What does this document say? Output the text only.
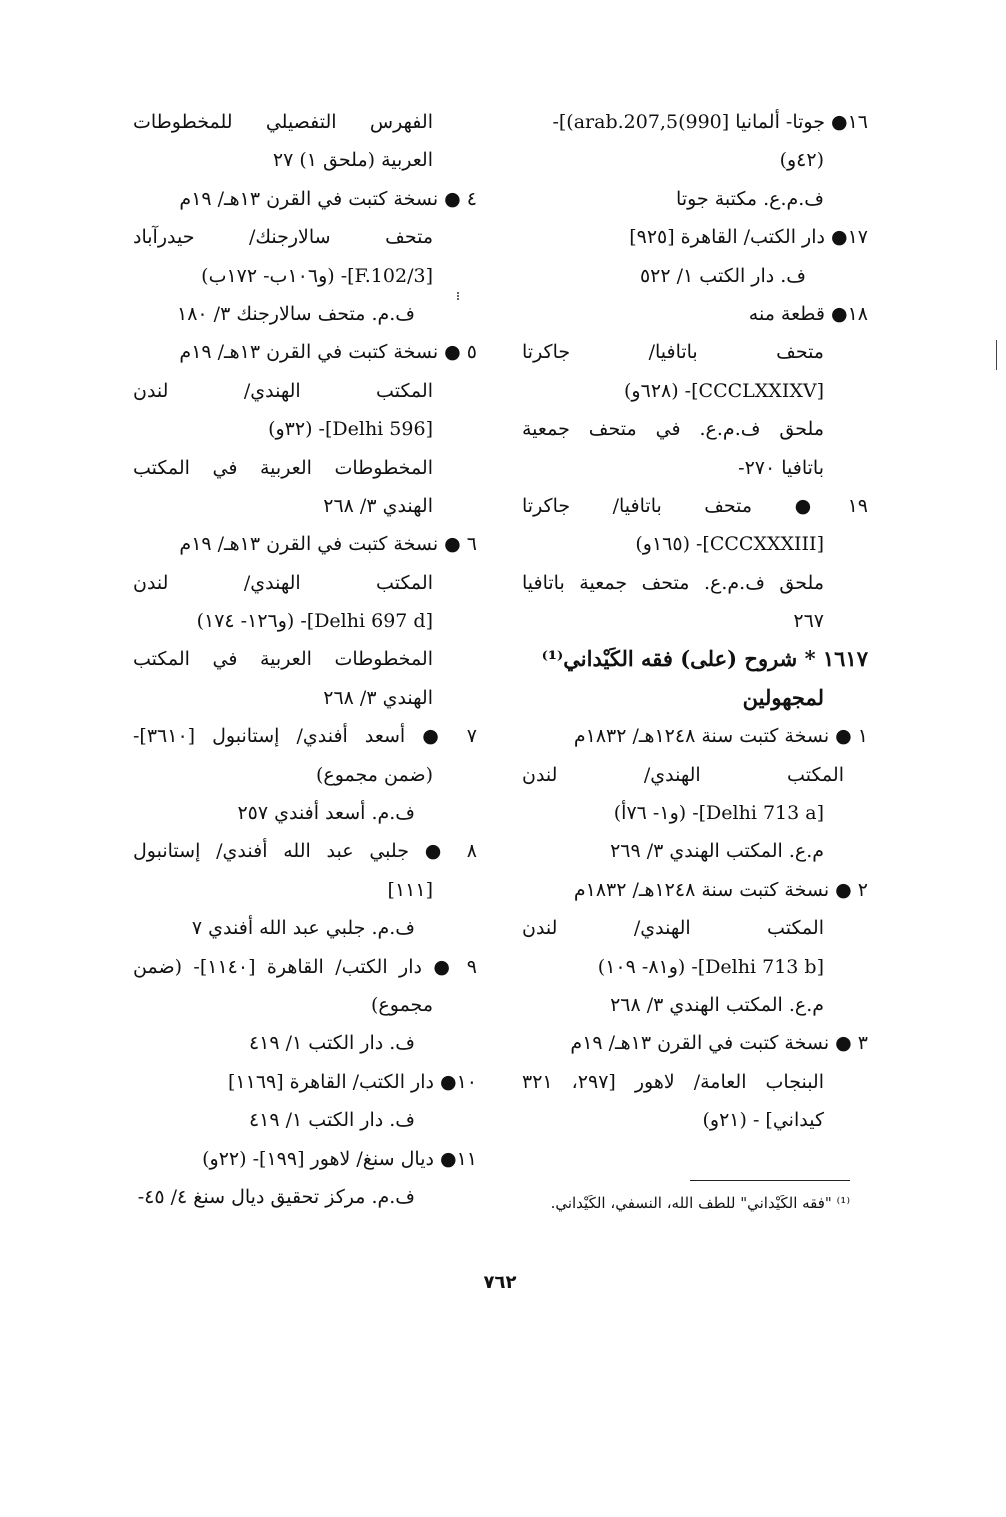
١٦● جوتا- ألمانيا [990)arab.207,5)]-
(٤٢و)
ف.م.ع. مكتبة جوتا
١٧● دار الكتب/ القاهرة [٩٢٥]
ف. دار الكتب ١/ ٥٢٢
١٨● قطعة منه
متحف باتافيا/ جاكرتا
[CCCLXXIXV]- (٦٢٨و)
ملحق ف.م.ع. في متحف جمعية
باتافيا ٢٧٠-
١٩● متحف باتافيا/ جاكرتا
[CCCXXXIII]- (١٦٥و)
ملحق ف.م.ع. متحف جمعية باتافيا
٢٦٧
١٦١٧ * شروح (على) فقه الكَيْداني⁽¹⁾
لمجهولين
١ ● نسخة كتبت سنة ١٢٤٨هـ/ ١٨٣٢م
المكتب الهندي/ لندن
[Delhi 713 a]- (و١- ٧٦أ)
م.ع. المكتب الهندي ٣/ ٢٦٩
٢ ● نسخة كتبت سنة ١٢٤٨هـ/ ١٨٣٢م
المكتب الهندي/ لندن
[Delhi 713 b]- (و٨١- ١٠٩)
م.ع. المكتب الهندي ٣/ ٢٦٨
٣ ● نسخة كتبت في القرن ١٣هـ/ ١٩م
البنجاب العامة/ لاهور [٢٩٧، ٣٢١
كيداني] - (٢١و)
الفهرس التفصيلي للمخطوطات
العربية (ملحق ١) ٢٧
٤ ● نسخة كتبت في القرن ١٣هـ/ ١٩م
متحف سالارجنك/ حيدرآباد
[F.102/3]- (و١٠٦ب- ١٧٢ب)
ف.م. متحف سالارجنك ٣/ ١٨٠
٥ ● نسخة كتبت في القرن ١٣هـ/ ١٩م
المكتب الهندي/ لندن
[Delhi 596]- (٣٢و)
المخطوطات العربية في المكتب
الهندي ٣/ ٢٦٨
٦ ● نسخة كتبت في القرن ١٣هـ/ ١٩م
المكتب الهندي/ لندن
[Delhi 697 d]- (و١٢٦- ١٧٤)
المخطوطات العربية في المكتب
الهندي ٣/ ٢٦٨
٧ ● أسعد أفندي/ إستانبول [٣٦١٠]-
(ضمن مجموع)
ف.م. أسعد أفندي ٢٥٧
٨ ● جلبي عبد الله أفندي/ إستانبول
[١١١]
ف.م. جلبي عبد الله أفندي ٧
٩ ● دار الكتب/ القاهرة [١١٤٠]- (ضمن
مجموع)
ف. دار الكتب ١/ ٤١٩
١٠● دار الكتب/ القاهرة [١١٦٩]
ف. دار الكتب ١/ ٤١٩
١١● ديال سنغ/ لاهور [١٩٩]- (٢٢و)
ف.م. مركز تحقيق ديال سنغ ٤/ ٤٥-	⁽¹⁾ "فقه الكَيْداني" للطف الله، النسفي، الكَيْداني.
٧٦٢
